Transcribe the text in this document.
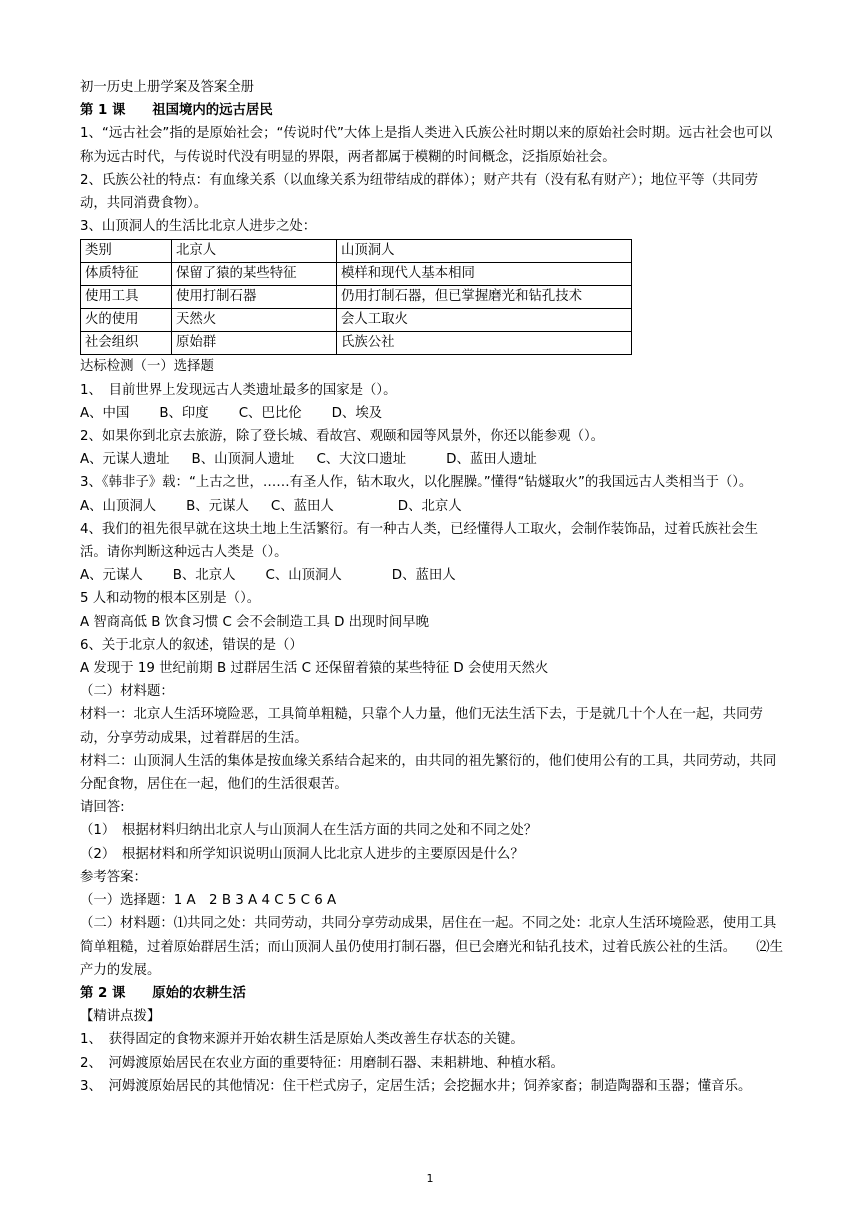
初一历史上册学案及答案全册

第 1 课　　祖国境内的远古居民

1、“远古社会”指的是原始社会；“传说时代”大体上是指人类进入氏族公社时期以来的原始社会时期。远古社会也可以称为远古时代，与传说时代没有明显的界限，两者都属于模糊的时间概念，泛指原始社会。

2、氏族公社的特点：有血缘关系（以血缘关系为纽带结成的群体）；财产共有（没有私有财产）；地位平等（共同劳动，共同消费食物）。

3、山顶洞人的生活比北京人进步之处：

类别	北京人	山顶洞人
体质特征	保留了猿的某些特征	模样和现代人基本相同
使用工具	使用打制石器	仍用打制石器，但已掌握磨光和钻孔技术
火的使用	天然火	会人工取火
社会组织	原始群	氏族公社

达标检测（一）选择题

1、　目前世界上发现远古人类遗址最多的国家是（）。

A、中国 B、印度 C、巴比伦 D、埃及

2、如果你到北京去旅游，除了登长城、看故宫、观颐和园等风景外，你还以能参观（）。

A、元谋人遗址 B、山顶洞人遗址 C、大汶口遗址	D、蓝田人遗址

3、《韩非子》载：“上古之世，……有圣人作，钻木取火，以化腥臊。”懂得“钻燧取火”的我国远古人类相当于（）。

A、山顶洞人 B、元谋人 C、蓝田人	D、北京人

4、我们的祖先很早就在这块土地上生活繁衍。有一种古人类，已经懂得人工取火，会制作装饰品，过着氏族社会生活。请你判断这种远古人类是（）。

A、元谋人 B、北京人 C、山顶洞人	D、蓝田人

5 人和动物的根本区别是（）。

A 智商高低 B 饮食习惯 C 会不会制造工具 D 出现时间早晚

6、关于北京人的叙述，错误的是（）

A 发现于 19 世纪前期 B 过群居生活 C 还保留着猿的某些特征 D 会使用天然火

（二）材料题：

材料一：北京人生活环境险恶，工具简单粗糙，只靠个人力量，他们无法生活下去，于是就几十个人在一起，共同劳动，分享劳动成果，过着群居的生活。

材料二：山顶洞人生活的集体是按血缘关系结合起来的，由共同的祖先繁衍的，他们使用公有的工具，共同劳动，共同分配食物，居住在一起，他们的生活很艰苦。

请回答:

（1）　根据材料归纳出北京人与山顶洞人在生活方面的共同之处和不同之处？

（2）　根据材料和所学知识说明山顶洞人比北京人进步的主要原因是什么？

参考答案：

（一）选择题：1 A　2 B 3 A 4 C 5 C 6 A

（二）材料题：⑴共同之处：共同劳动，共同分享劳动成果，居住在一起。不同之处：北京人生活环境险恶，使用工具简单粗糙，过着原始群居生活；而山顶洞人虽仍使用打制石器，但已会磨光和钻孔技术，过着氏族公社的生活。　　⑵生产力的发展。

第 2 课　　原始的农耕生活

【精讲点拨】

1、　获得固定的食物来源并开始农耕生活是原始人类改善生存状态的关键。

2、　河姆渡原始居民在农业方面的重要特征：用磨制石器、耒耜耕地、种植水稻。

3、　河姆渡原始居民的其他情况：住干栏式房子，定居生活；会挖掘水井；饲养家畜；制造陶器和玉器；懂音乐。

1
